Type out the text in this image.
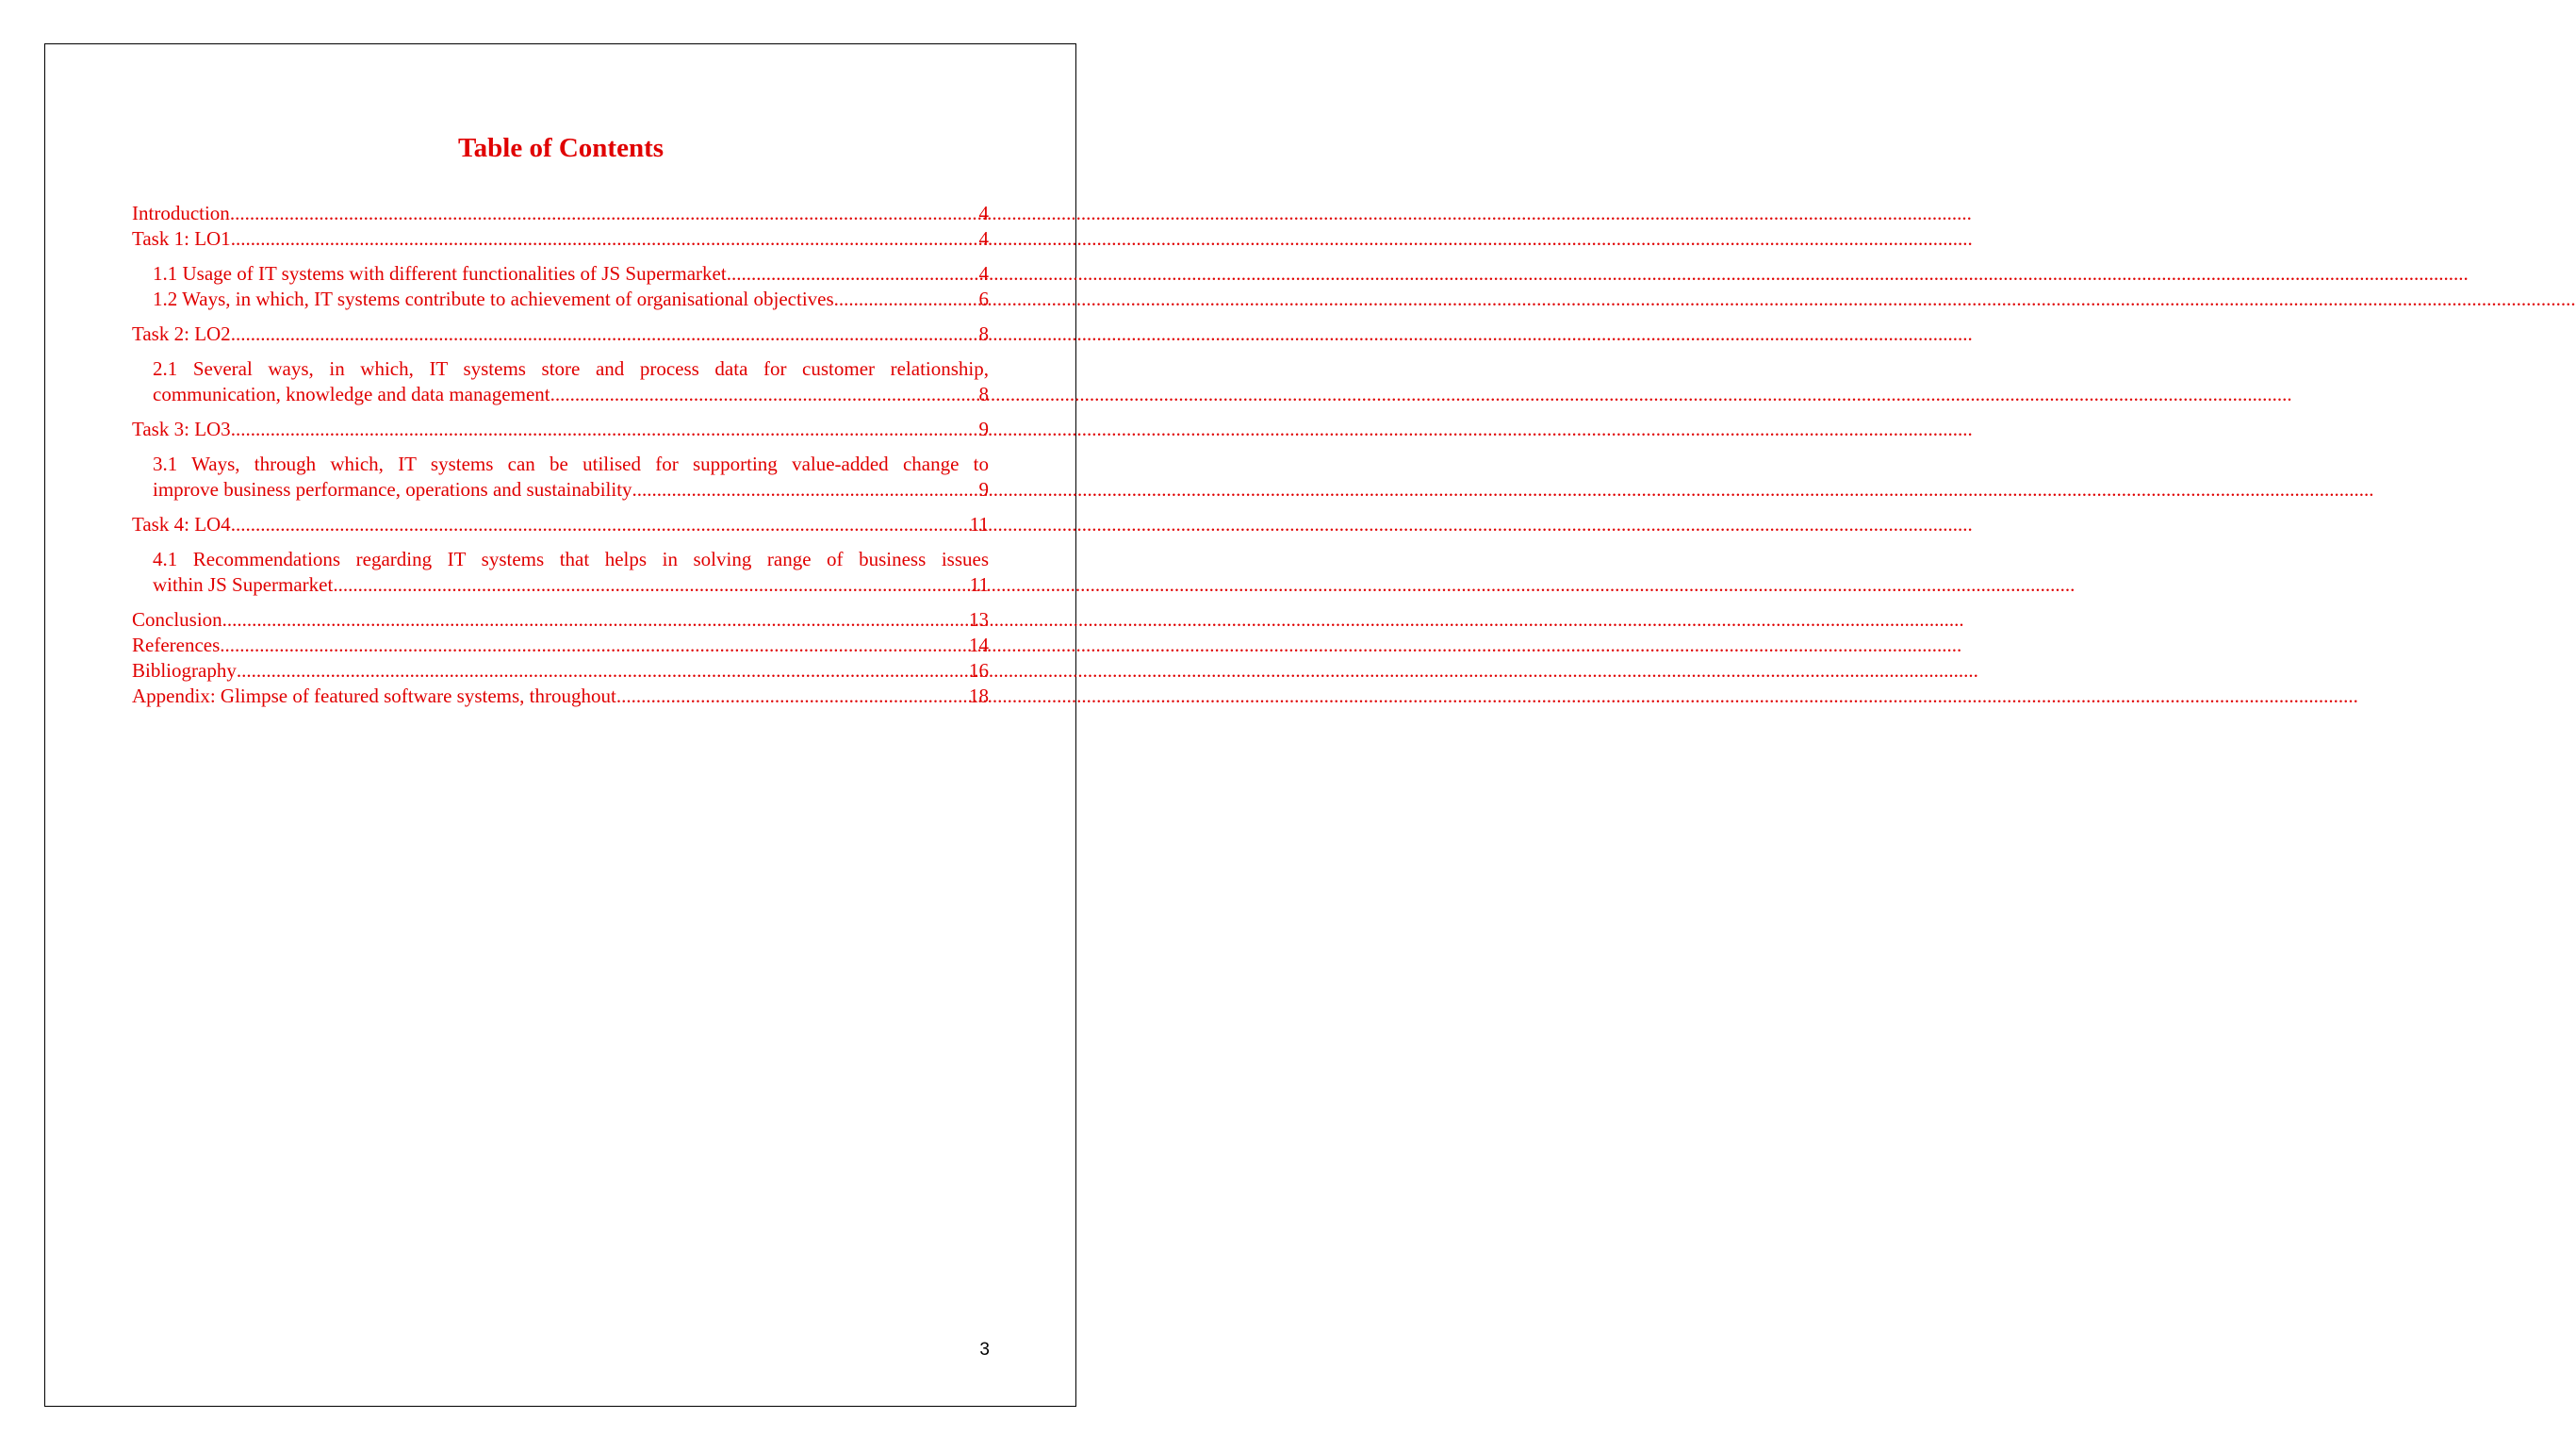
Table of Contents
Introduction .....	4
Task 1: LO1 .....	4
1.1 Usage of IT systems with different functionalities of JS Supermarket .....	4
1.2 Ways, in which, IT systems contribute to achievement of organisational objectives .....	6
Task 2: LO2 .....	8
2.1 Several ways, in which, IT systems store and process data for customer relationship,
communication, knowledge and data management .....	8
Task 3: LO3 .....	9
3.1 Ways, through which, IT systems can be utilised for supporting value-added change to
improve business performance, operations and sustainability .....	9
Task 4: LO4 .....	11
4.1 Recommendations regarding IT systems that helps in solving range of business issues
within JS Supermarket .....	11
Conclusion .....	13
References .....	14
Bibliography .....	16
Appendix: Glimpse of featured software systems, throughout .....	18
3
